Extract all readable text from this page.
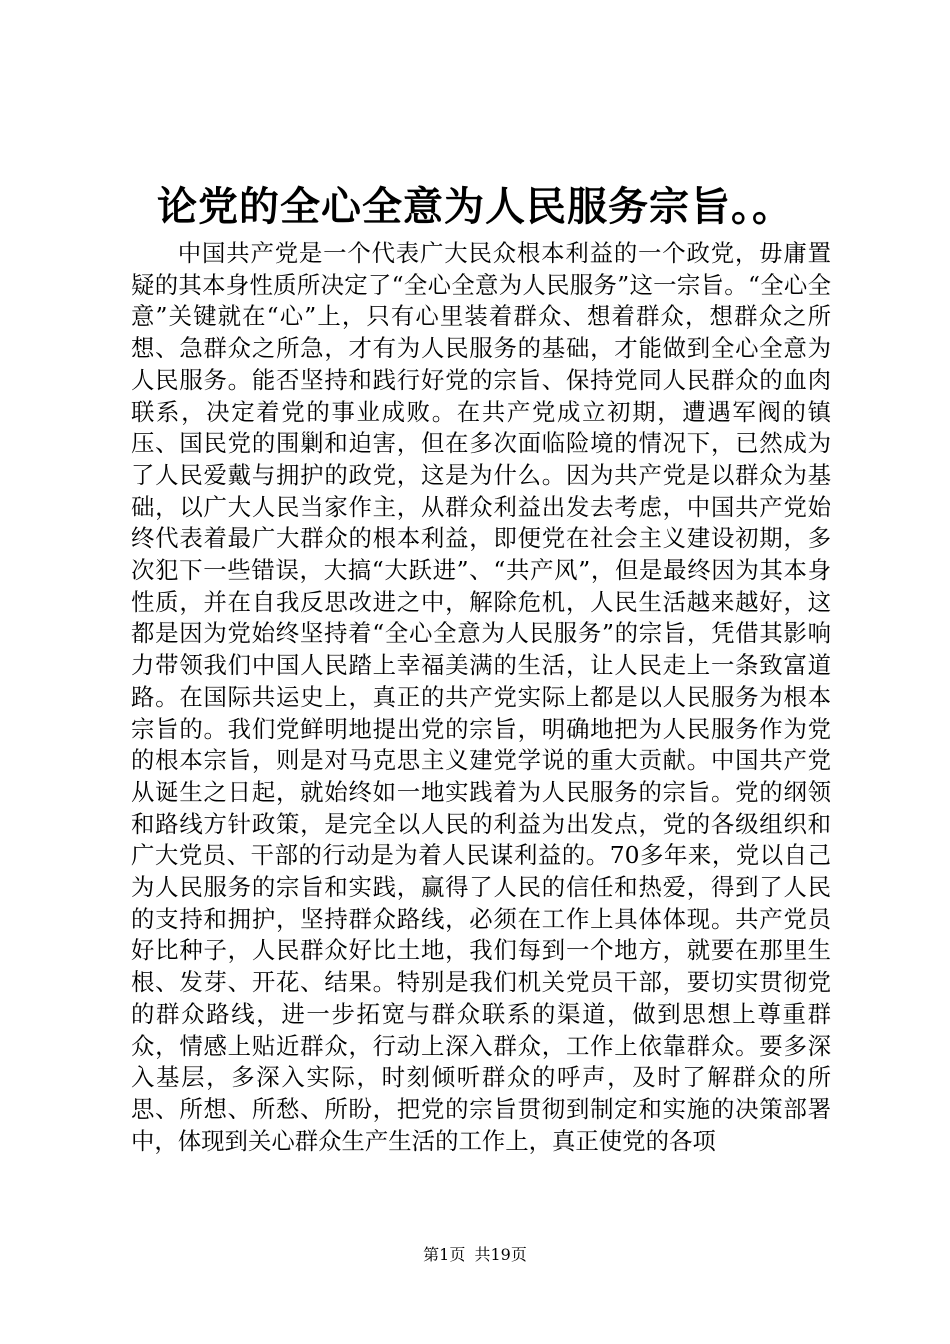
论党的全心全意为人民服务宗旨。。

中国共产党是一个代表广大民众根本利益的一个政党，毋庸置疑的其本身性质所决定了“全心全意为人民服务”这一宗旨。“全心全意”关键就在“心”上，只有心里装着群众、想着群众，想群众之所想、急群众之所急，才有为人民服务的基础，才能做到全心全意为人民服务。能否坚持和践行好党的宗旨、保持党同人民群众的血肉联系，决定着党的事业成败。在共产党成立初期，遭遇军阀的镇压、国民党的围剿和迫害，但在多次面临险境的情况下，已然成为了人民爱戴与拥护的政党，这是为什么。因为共产党是以群众为基础，以广大人民当家作主，从群众利益出发去考虑，中国共产党始终代表着最广大群众的根本利益，即便党在社会主义建设初期，多次犯下一些错误，大搞“大跃进”、“共产风”，但是最终因为其本身性质，并在自我反思改进之中，解除危机，人民生活越来越好，这都是因为党始终坚持着“全心全意为人民服务”的宗旨，凭借其影响力带领我们中国人民踏上幸福美满的生活，让人民走上一条致富道路。在国际共运史上，真正的共产党实际上都是以人民服务为根本宗旨的。我们党鲜明地提出党的宗旨，明确地把为人民服务作为党的根本宗旨，则是对马克思主义建党学说的重大贡献。中国共产党从诞生之日起，就始终如一地实践着为人民服务的宗旨。党的纲领和路线方针政策，是完全以人民的利益为出发点，党的各级组织和广大党员、干部的行动是为着人民谋利益的。70多年来，党以自己为人民服务的宗旨和实践，赢得了人民的信任和热爱，得到了人民的支持和拥护，坚持群众路线，必须在工作上具体体现。共产党员好比种子，人民群众好比土地，我们每到一个地方，就要在那里生根、发芽、开花、结果。特别是我们机关党员干部，要切实贯彻党的群众路线，进一步拓宽与群众联系的渠道，做到思想上尊重群众，情感上贴近群众，行动上深入群众，工作上依靠群众。要多深入基层，多深入实际，时刻倾听群众的呼声，及时了解群众的所思、所想、所愁、所盼，把党的宗旨贯彻到制定和实施的决策部署中，体现到关心群众生产生活的工作上，真正使党的各项

第1页 共19页
